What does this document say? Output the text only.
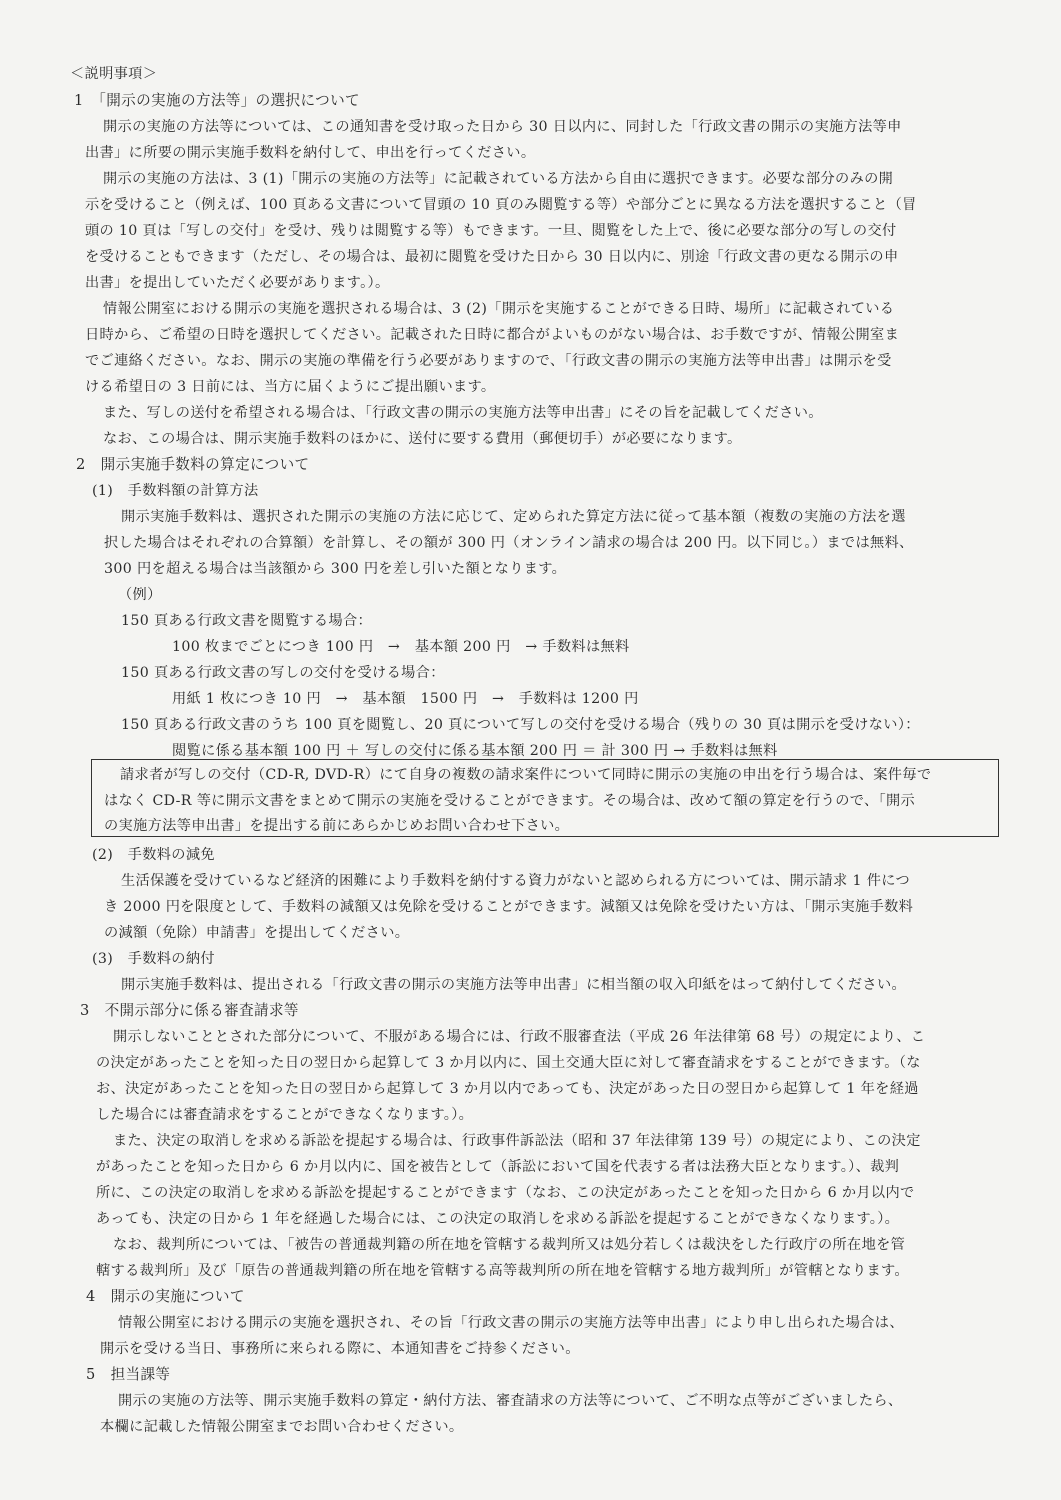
＜説明事項＞

1　「開示の実施の方法等」の選択について

開示の実施の方法等については、この通知書を受け取った日から 30 日以内に、同封した「行政文書の開示の実施方法等申

出書」に所要の開示実施手数料を納付して、申出を行ってください。

開示の実施の方法は、3 (1)「開示の実施の方法等」に記載されている方法から自由に選択できます。必要な部分のみの開

示を受けること（例えば、100 頁ある文書について冒頭の 10 頁のみ閲覧する等）や部分ごとに異なる方法を選択すること（冒

頭の 10 頁は「写しの交付」を受け、残りは閲覧する等）もできます。一旦、閲覧をした上で、後に必要な部分の写しの交付

を受けることもできます（ただし、その場合は、最初に閲覧を受けた日から 30 日以内に、別途「行政文書の更なる開示の申

出書」を提出していただく必要があります。）。

情報公開室における開示の実施を選択される場合は、3 (2)「開示を実施することができる日時、場所」に記載されている

日時から、ご希望の日時を選択してください。記載された日時に都合がよいものがない場合は、お手数ですが、情報公開室ま

でご連絡ください。なお、開示の実施の準備を行う必要がありますので、「行政文書の開示の実施方法等申出書」は開示を受

ける希望日の 3 日前には、当方に届くようにご提出願います。

また、写しの送付を希望される場合は、「行政文書の開示の実施方法等申出書」にその旨を記載してください。

なお、この場合は、開示実施手数料のほかに、送付に要する費用（郵便切手）が必要になります。

2　開示実施手数料の算定について

(1)　手数料額の計算方法

開示実施手数料は、選択された開示の実施の方法に応じて、定められた算定方法に従って基本額（複数の実施の方法を選

択した場合はそれぞれの合算額）を計算し、その額が 300 円（オンライン請求の場合は 200 円。以下同じ。）までは無料、

300 円を超える場合は当該額から 300 円を差し引いた額となります。

（例）

150 頁ある行政文書を閲覧する場合：

100 枚までごとにつき 100 円　→　基本額 200 円　→ 手数料は無料

150 頁ある行政文書の写しの交付を受ける場合：

用紙 1 枚につき 10 円　→　基本額　1500 円　→　手数料は 1200 円

150 頁ある行政文書のうち 100 頁を閲覧し、20 頁について写しの交付を受ける場合（残りの 30 頁は開示を受けない）：

閲覧に係る基本額 100 円 ＋ 写しの交付に係る基本額 200 円 ＝ 計 300 円 → 手数料は無料

請求者が写しの交付（CD-R, DVD-R）にて自身の複数の請求案件について同時に開示の実施の申出を行う場合は、案件毎で

はなく CD-R 等に開示文書をまとめて開示の実施を受けることができます。その場合は、改めて額の算定を行うので、「開示

の実施方法等申出書」を提出する前にあらかじめお問い合わせ下さい。

(2)　手数料の減免

生活保護を受けているなど経済的困難により手数料を納付する資力がないと認められる方については、開示請求 1 件につ

き 2000 円を限度として、手数料の減額又は免除を受けることができます。減額又は免除を受けたい方は、「開示実施手数料

の減額（免除）申請書」を提出してください。

(3)　手数料の納付

開示実施手数料は、提出される「行政文書の開示の実施方法等申出書」に相当額の収入印紙をはって納付してください。

3　不開示部分に係る審査請求等

開示しないこととされた部分について、不服がある場合には、行政不服審査法（平成 26 年法律第 68 号）の規定により、こ

の決定があったことを知った日の翌日から起算して 3 か月以内に、国土交通大臣に対して審査請求をすることができます。（な

お、決定があったことを知った日の翌日から起算して 3 か月以内であっても、決定があった日の翌日から起算して 1 年を経過

した場合には審査請求をすることができなくなります。）。

また、決定の取消しを求める訴訟を提起する場合は、行政事件訴訟法（昭和 37 年法律第 139 号）の規定により、この決定

があったことを知った日から 6 か月以内に、国を被告として（訴訟において国を代表する者は法務大臣となります。）、裁判

所に、この決定の取消しを求める訴訟を提起することができます（なお、この決定があったことを知った日から 6 か月以内で

あっても、決定の日から 1 年を経過した場合には、この決定の取消しを求める訴訟を提起することができなくなります。）。

なお、裁判所については、「被告の普通裁判籍の所在地を管轄する裁判所又は処分若しくは裁決をした行政庁の所在地を管

轄する裁判所」及び「原告の普通裁判籍の所在地を管轄する高等裁判所の所在地を管轄する地方裁判所」が管轄となります。

4　開示の実施について

情報公開室における開示の実施を選択され、その旨「行政文書の開示の実施方法等申出書」により申し出られた場合は、

開示を受ける当日、事務所に来られる際に、本通知書をご持参ください。

5　担当課等

開示の実施の方法等、開示実施手数料の算定・納付方法、審査請求の方法等について、ご不明な点等がございましたら、

本欄に記載した情報公開室までお問い合わせください。
